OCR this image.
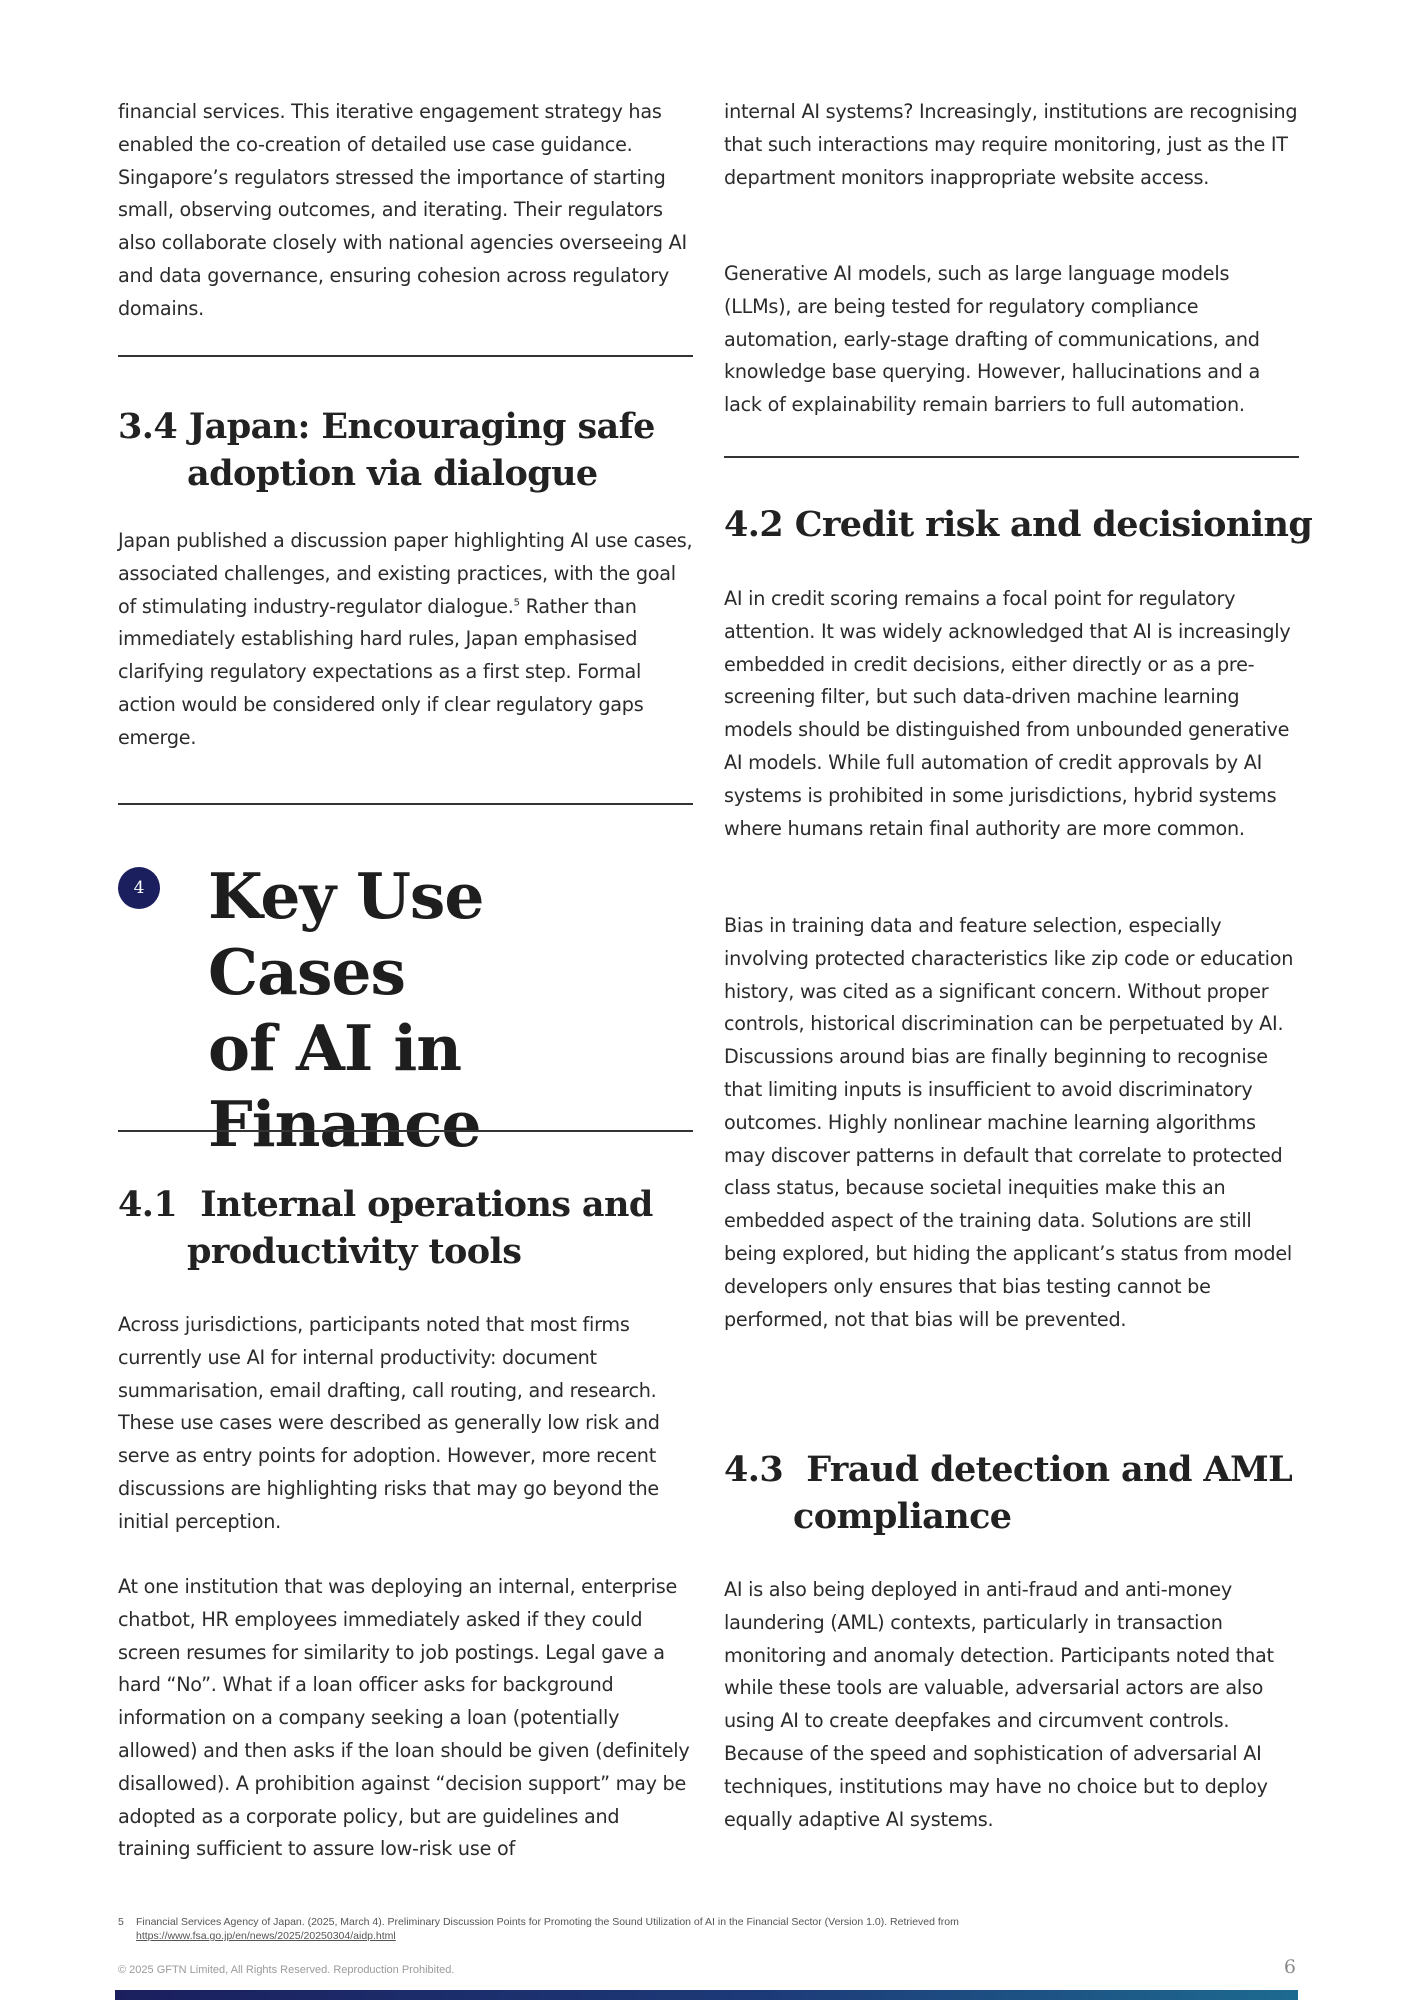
financial services. This iterative engagement strategy has enabled the co-creation of detailed use case guidance. Singapore’s regulators stressed the importance of starting small, observing outcomes, and iterating. Their regulators also collaborate closely with national agencies overseeing AI and data governance, ensuring cohesion across regulatory domains.

3.4 Japan: Encouraging safe
adoption via dialogue

Japan published a discussion paper highlighting AI use cases, associated challenges, and existing practices, with the goal of stimulating industry-regulator dialogue.$^5$ Rather than immediately establishing hard rules, Japan emphasised clarifying regulatory expectations as a first step. Formal action would be considered only if clear regulatory gaps emerge.

4 Key Use Cases
of AI in
Finance
4.1 Internal operations and
productivity tools

Across jurisdictions, participants noted that most firms currently use AI for internal productivity: document summarisation, email drafting, call routing, and research. These use cases were described as generally low risk and serve as entry points for adoption. However, more recent discussions are highlighting risks that may go beyond the initial perception.

At one institution that was deploying an internal, enterprise chatbot, HR employees immediately asked if they could screen resumes for similarity to job postings. Legal gave a hard “No”. What if a loan officer asks for background information on a company seeking a loan (potentially allowed) and then asks if the loan should be given (definitely disallowed). A prohibition against “decision support” may be adopted as a corporate policy, but are guidelines and training sufficient to assure low-risk use of

internal AI systems? Increasingly, institutions are recognising that such interactions may require monitoring, just as the IT department monitors inappropriate website access.

Generative AI models, such as large language models (LLMs), are being tested for regulatory compliance automation, early-stage drafting of communications, and knowledge base querying. However, hallucinations and a lack of explainability remain barriers to full automation.

4.2 Credit risk and decisioning

AI in credit scoring remains a focal point for regulatory attention. It was widely acknowledged that AI is increasingly embedded in credit decisions, either directly or as a pre-screening filter, but such data-driven machine learning models should be distinguished from unbounded generative AI models. While full automation of credit approvals by AI systems is prohibited in some jurisdictions, hybrid systems where humans retain final authority are more common.

Bias in training data and feature selection, especially involving protected characteristics like zip code or education history, was cited as a significant concern. Without proper controls, historical discrimination can be perpetuated by AI. Discussions around bias are finally beginning to recognise that limiting inputs is insufficient to avoid discriminatory outcomes. Highly nonlinear machine learning algorithms may discover patterns in default that correlate to protected class status, because societal inequities make this an embedded aspect of the training data. Solutions are still being explored, but hiding the applicant’s status from model developers only ensures that bias testing cannot be performed, not that bias will be prevented.

4.3 Fraud detection and AML
compliance

AI is also being deployed in anti-fraud and anti-money laundering (AML) contexts, particularly in transaction monitoring and anomaly detection. Participants noted that while these tools are valuable, adversarial actors are also using AI to create deepfakes and circumvent controls. Because of the speed and sophistication of adversarial AI techniques, institutions may have no choice but to deploy equally adaptive AI systems.

5 Financial Services Agency of Japan. (2025, March 4). Preliminary Discussion Points for Promoting the Sound Utilization of AI in the Financial Sector (Version 1.0). Retrieved from
https://www.fsa.go.jp/en/news/2025/20250304/aidp.html
© 2025 GFTN Limited, All Rights Reserved. Reproduction Prohibited.	6
